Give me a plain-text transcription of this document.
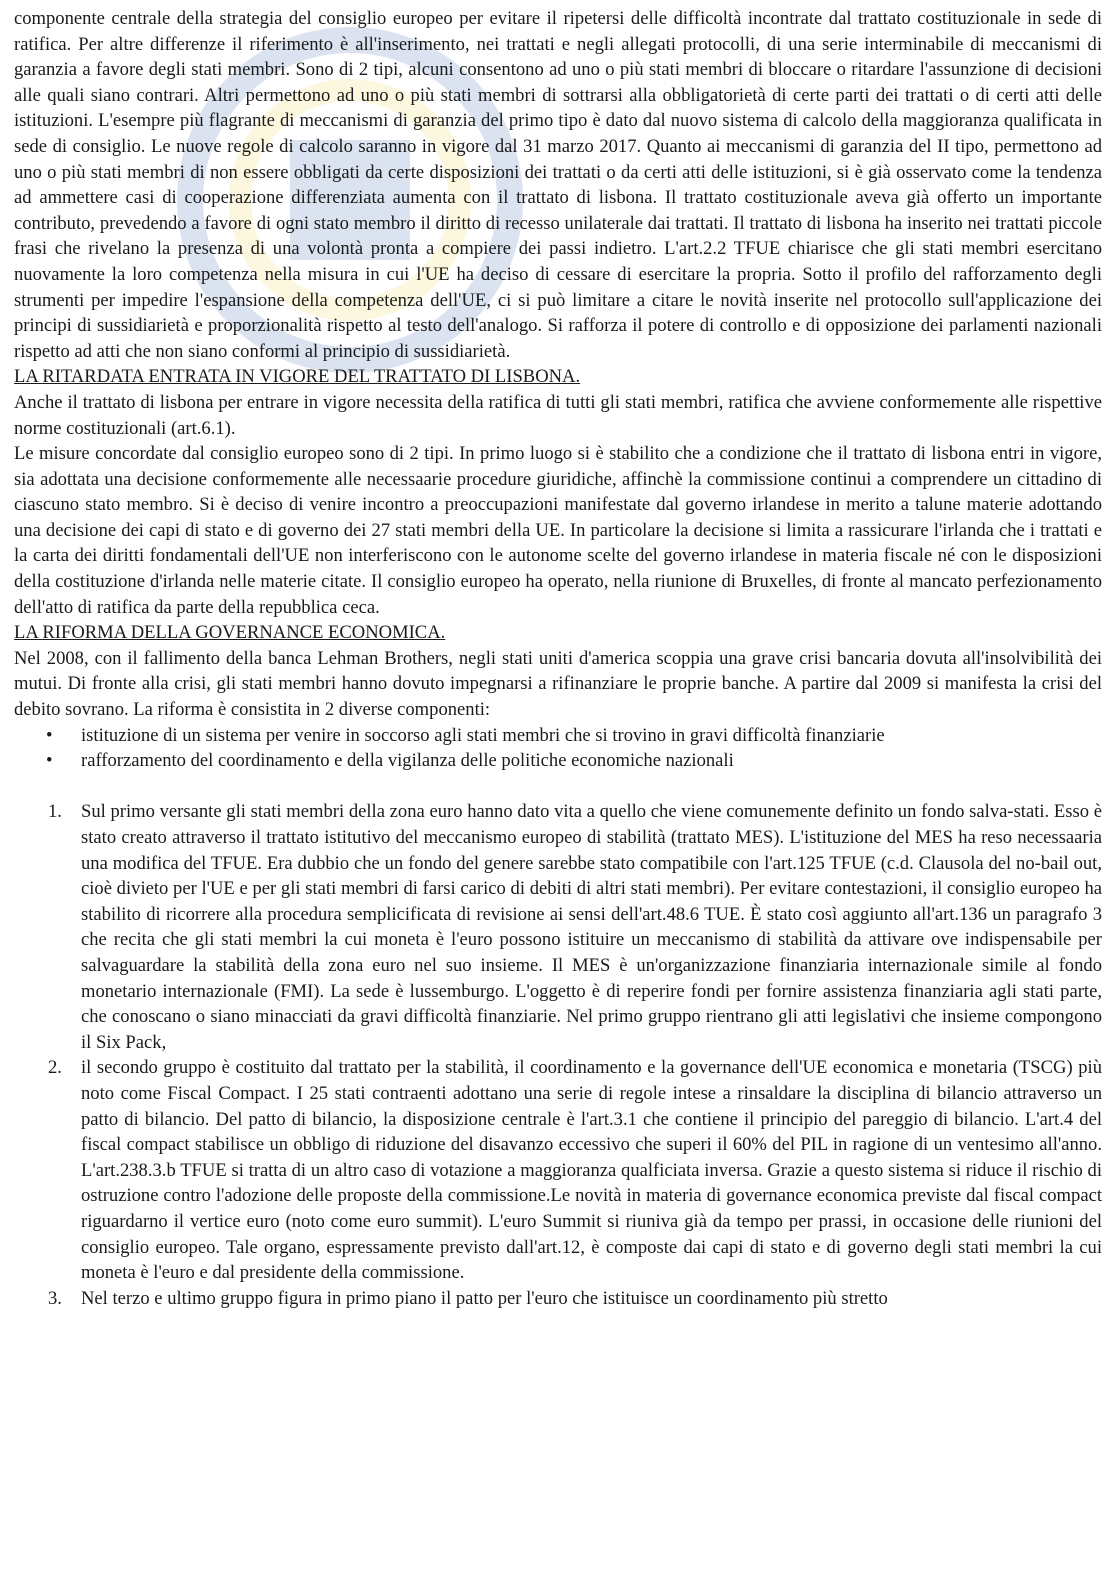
componente centrale della strategia del consiglio europeo per evitare il ripetersi delle difficoltà incontrate dal trattato costituzionale in sede di ratifica. Per altre differenze il riferimento è all'inserimento, nei trattati e negli allegati protocolli, di una serie interminabile di meccanismi di garanzia a favore degli stati membri. Sono di 2 tipi, alcuni consentono ad uno o più stati membri di bloccare o ritardare l'assunzione di decisioni alle quali siano contrari. Altri permettono ad uno o più stati membri di sottrarsi alla obbligatorietà di certe parti dei trattati o di certi atti delle istituzioni. L'esempre più flagrante di meccanismi di garanzia del primo tipo è dato dal nuovo sistema di calcolo della maggioranza qualificata in sede di consiglio. Le nuove regole di calcolo saranno in vigore dal 31 marzo 2017. Quanto ai meccanismi di garanzia del II tipo, permettono ad uno o più stati membri di non essere obbligati da certe disposizioni dei trattati o da certi atti delle istituzioni, si è già osservato come la tendenza ad ammettere casi di cooperazione differenziata aumenta con il trattato di lisbona. Il trattato costituzionale aveva già offerto un importante contributo, prevedendo a favore di ogni stato membro il diritto di recesso unilaterale dai trattati. Il trattato di lisbona ha inserito nei trattati piccole frasi che rivelano la presenza di una volontà pronta a compiere dei passi indietro. L'art.2.2 TFUE chiarisce che gli stati membri esercitano nuovamente la loro competenza nella misura in cui l'UE ha deciso di cessare di esercitare la propria. Sotto il profilo del rafforzamento degli strumenti per impedire l'espansione della competenza dell'UE, ci si può limitare a citare le novità inserite nel protocollo sull'applicazione dei principi di sussidiarietà e proporzionalità rispetto al testo dell'analogo. Si rafforza il potere di controllo e di opposizione dei parlamenti nazionali rispetto ad atti che non siano conformi al principio di sussidiarietà.

LA RITARDATA ENTRATA IN VIGORE DEL TRATTATO DI LISBONA.

Anche il trattato di lisbona per entrare in vigore necessita della ratifica di tutti gli stati membri, ratifica che avviene conformemente alle rispettive norme costituzionali (art.6.1).

Le misure concordate dal consiglio europeo sono di 2 tipi. In primo luogo si è stabilito che a condizione che il trattato di lisbona entri in vigore, sia adottata una decisione conformemente alle necessaarie procedure giuridiche, affinchè la commissione continui a comprendere un cittadino di ciascuno stato membro. Si è deciso di venire incontro a preoccupazioni manifestate dal governo irlandese in merito a talune materie adottando una decisione dei capi di stato e di governo dei 27 stati membri della UE. In particolare la decisione si limita a rassicurare l'irlanda che i trattati e la carta dei diritti fondamentali dell'UE non interferiscono con le autonome scelte del governo irlandese in materia fiscale né con le disposizioni della costituzione d'irlanda nelle materie citate. Il consiglio europeo ha operato, nella riunione di Bruxelles, di fronte al mancato perfezionamento dell'atto di ratifica da parte della repubblica ceca.

LA RIFORMA DELLA GOVERNANCE ECONOMICA.

Nel 2008, con il fallimento della banca Lehman Brothers, negli stati uniti d'america scoppia una grave crisi bancaria dovuta all'insolvibilità dei mutui. Di fronte alla crisi, gli stati membri hanno dovuto impegnarsi a rifinanziare le proprie banche. A partire dal 2009 si manifesta la crisi del debito sovrano. La riforma è consistita in 2 diverse componenti:

• istituzione di un sistema per venire in soccorso agli stati membri che si trovino in gravi difficoltà finanziarie
• rafforzamento del coordinamento e della vigilanza delle politiche economiche nazionali
1. Sul primo versante gli stati membri della zona euro hanno dato vita a quello che viene comunemente definito un fondo salva-stati. Esso è stato creato attraverso il trattato istitutivo del meccanismo europeo di stabilità (trattato MES). L'istituzione del MES ha reso necessaaria una modifica del TFUE. Era dubbio che un fondo del genere sarebbe stato compatibile con l'art.125 TFUE (c.d. Clausola del no-bail out, cioè divieto per l'UE e per gli stati membri di farsi carico di debiti di altri stati membri). Per evitare contestazioni, il consiglio europeo ha stabilito di ricorrere alla procedura semplicificata di revisione ai sensi dell'art.48.6 TUE. È stato così aggiunto all'art.136 un paragrafo 3 che recita che gli stati membri la cui moneta è l'euro possono istituire un meccanismo di stabilità da attivare ove indispensabile per salvaguardare la stabilità della zona euro nel suo insieme. Il MES è un'organizzazione finanziaria internazionale simile al fondo monetario internazionale (FMI). La sede è lussemburgo. L'oggetto è di reperire fondi per fornire assistenza finanziaria agli stati parte, che conoscano o siano minacciati da gravi difficoltà finanziarie. Nel primo gruppo rientrano gli atti legislativi che insieme compongono il Six Pack,
2. il secondo gruppo è costituito dal trattato per la stabilità, il coordinamento e la governance dell'UE economica e monetaria (TSCG) più noto come Fiscal Compact. I 25 stati contraenti adottano una serie di regole intese a rinsaldare la disciplina di bilancio attraverso un patto di bilancio. Del patto di bilancio, la disposizione centrale è l'art.3.1 che contiene il principio del pareggio di bilancio. L'art.4 del fiscal compact stabilisce un obbligo di riduzione del disavanzo eccessivo che superi il 60% del PIL in ragione di un ventesimo all'anno. L'art.238.3.b TFUE si tratta di un altro caso di votazione a maggioranza qualficiata inversa. Grazie a questo sistema si riduce il rischio di ostruzione contro l'adozione delle proposte della commissione.Le novità in materia di governance economica previste dal fiscal compact riguardarno il vertice euro (noto come euro summit). L'euro Summit si riuniva già da tempo per prassi, in occasione delle riunioni del consiglio europeo. Tale organo, espressamente previsto dall'art.12, è composte dai capi di stato e di governo degli stati membri la cui moneta è l'euro e dal presidente della commissione.
3. Nel terzo e ultimo gruppo figura in primo piano il patto per l'euro che istituisce un coordinamento più stretto
